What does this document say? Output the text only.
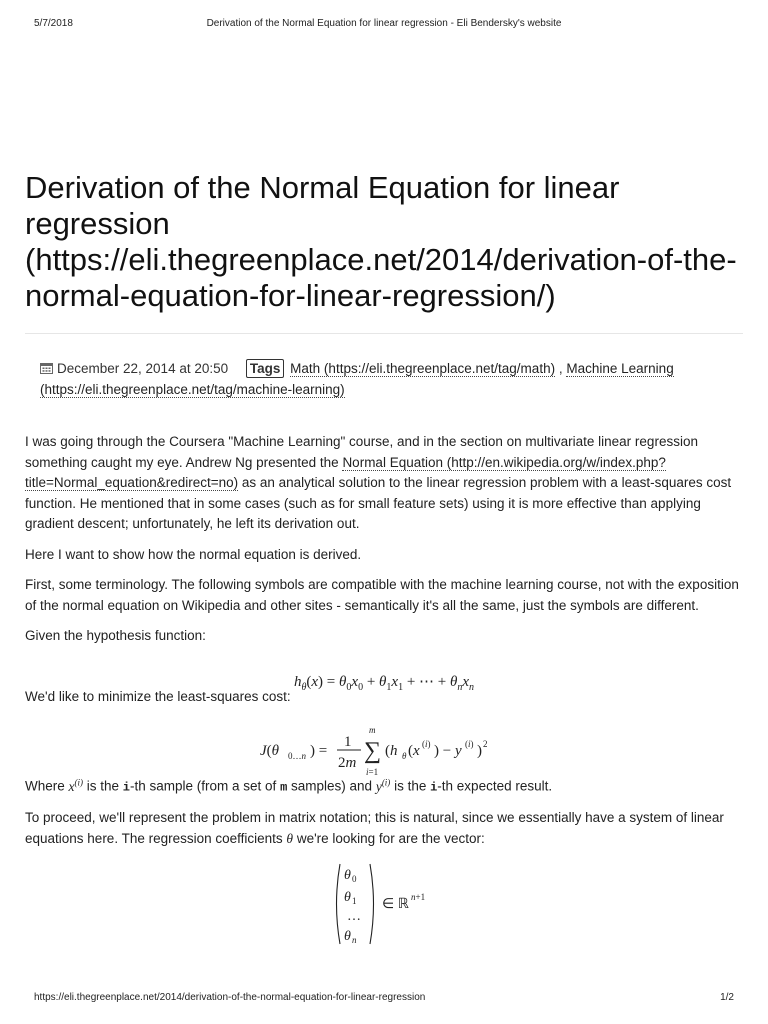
5/7/2018	Derivation of the Normal Equation for linear regression - Eli Bendersky's website
Derivation of the Normal Equation for linear regression (https://eli.thegreenplace.net/2014/derivation-of-the-normal-equation-for-linear-regression/)
December 22, 2014 at 20:50 Tags Math (https://eli.thegreenplace.net/tag/math) , Machine Learning (https://eli.thegreenplace.net/tag/machine-learning)

I was going through the Coursera "Machine Learning" course, and in the section on multivariate linear regression something caught my eye. Andrew Ng presented the Normal Equation (http://en.wikipedia.org/w/index.php?title=Normal_equation&redirect=no) as an analytical solution to the linear regression problem with a least-squares cost function. He mentioned that in some cases (such as for small feature sets) using it is more effective than applying gradient descent; unfortunately, he left its derivation out.

Here I want to show how the normal equation is derived.

First, some terminology. The following symbols are compatible with the machine learning course, not with the exposition of the normal equation on Wikipedia and other sites - semantically it's all the same, just the symbols are different.

Given the hypothesis function:

We'd like to minimize the least-squares cost:

Where $x^{(i)}$ is the i-th sample (from a set of m samples) and $y^{(i)}$ is the i-th expected result.

To proceed, we'll represent the problem in matrix notation; this is natural, since we essentially have a system of linear equations here. The regression coefficients θ we're looking for are the vector:

$h_\theta(x) = \theta_0x_0 + \theta_1x_1$ + ⋯ + $\theta_nx_n$
J(θ 0…n ) =
1
2m
m
∑
i=1
(h θ (x (i) ) − y (i) ) 2
θ 0
θ 1
…
θ n
∈ ℝ n+1
https://eli.thegreenplace.net/2014/derivation-of-the-normal-equation-for-linear-regression	1/2
